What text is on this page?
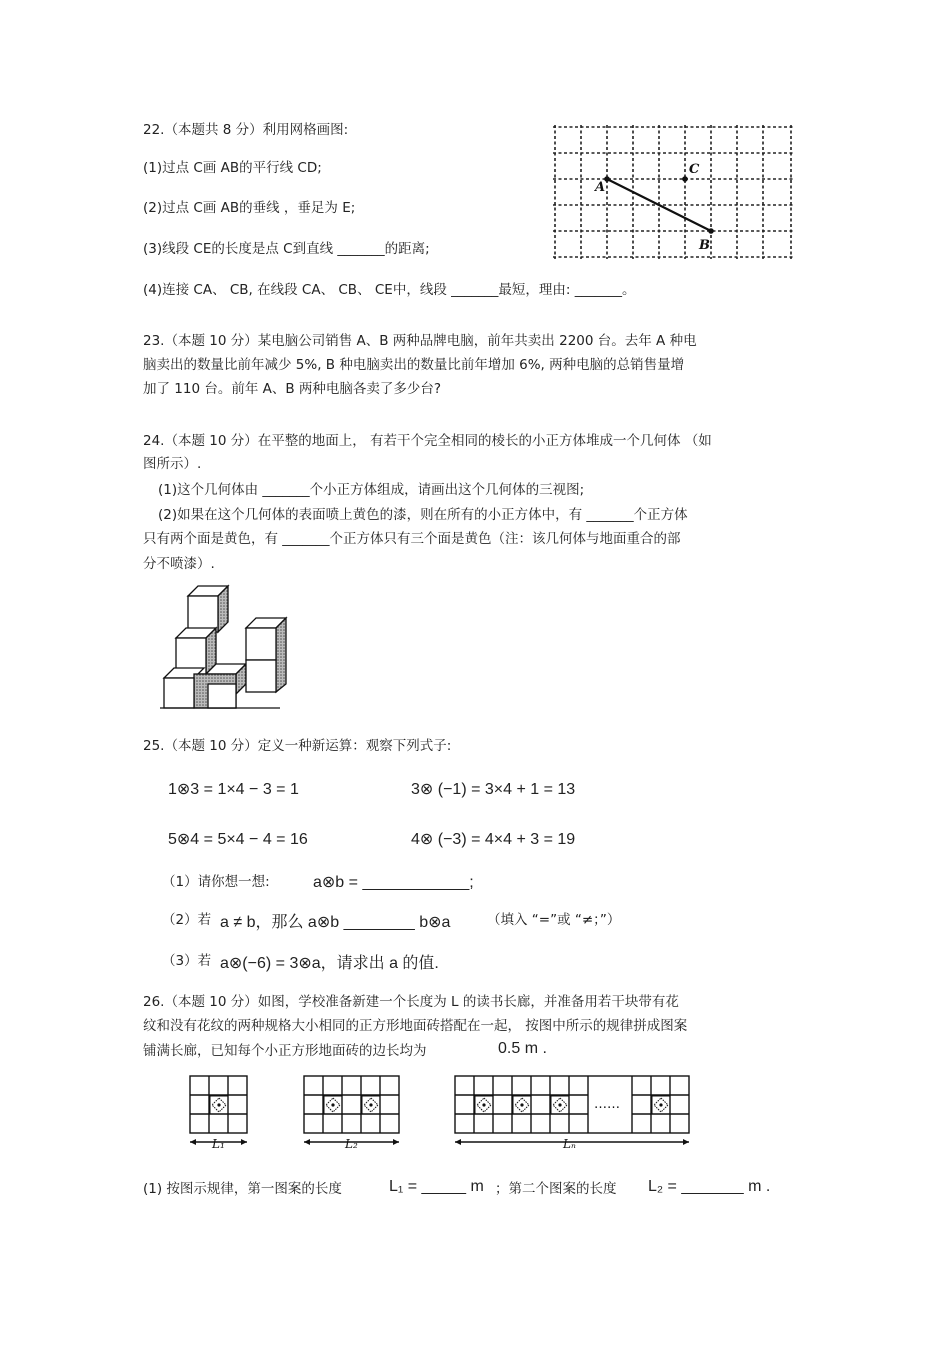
22.（本题共 8 分）利用网格画图:
(1)过点 C画 AB的平行线 CD;
(2)过点 C画 AB的垂线 ，垂足为 E;
(3)线段 CE的长度是点 C到直线 _______的距离;
(4)连接 CA、 CB, 在线段 CA、 CB、 CE中，线段 _______最短，理由: _______。
A
B
C
23.（本题 10 分）某电脑公司销售 A、B 两种品牌电脑，前年共卖出 2200 台。去年 A 种电
脑卖出的数量比前年减少 5%, B 种电脑卖出的数量比前年增加 6%, 两种电脑的总销售量增
加了 110 台。前年 A、B 两种电脑各卖了多少台?
24.（本题 10 分）在平整的地面上， 有若干个完全相同的棱长的小正方体堆成一个几何体 （如
图所示）.
(1)这个几何体由 _______个小正方体组成，请画出这个几何体的三视图;
(2)如果在这个几何体的表面喷上黄色的漆，则在所有的小正方体中，有 _______个正方体
只有两个面是黄色，有 _______个正方体只有三个面是黄色（注：该几何体与地面重合的部
分不喷漆）.
25.（本题 10 分）定义一种新运算：观察下列式子:
1⊗3 = 1×4 − 3 = 1	3⊗ (−1) = 3×4 + 1 = 13
5⊗4 = 5×4 − 4 = 16	4⊗ (−3) = 4×4 + 3 = 19
（1）请你想一想:	a⊗b = ____________;
（2）若 a ≠ b，那么 a⊗b ________ b⊗a	（填入 “=”或 “≠；”）
（3）若 a⊗(−6) = 3⊗a，请求出 a 的值.
26.（本题 10 分）如图，学校准备新建一个长度为 L 的读书长廊，并准备用若干块带有花
纹和没有花纹的两种规格大小相同的正方形地面砖搭配在一起， 按图中所示的规律拼成图案
铺满长廊，已知每个小正方形地面砖的边长均为	0.5 m .
……
L₁	L₂	Lₙ
(1) 按图示规律，第一图案的长度	L₁ = _____ m ；第二个图案的长度 L₂ = _______ m .
